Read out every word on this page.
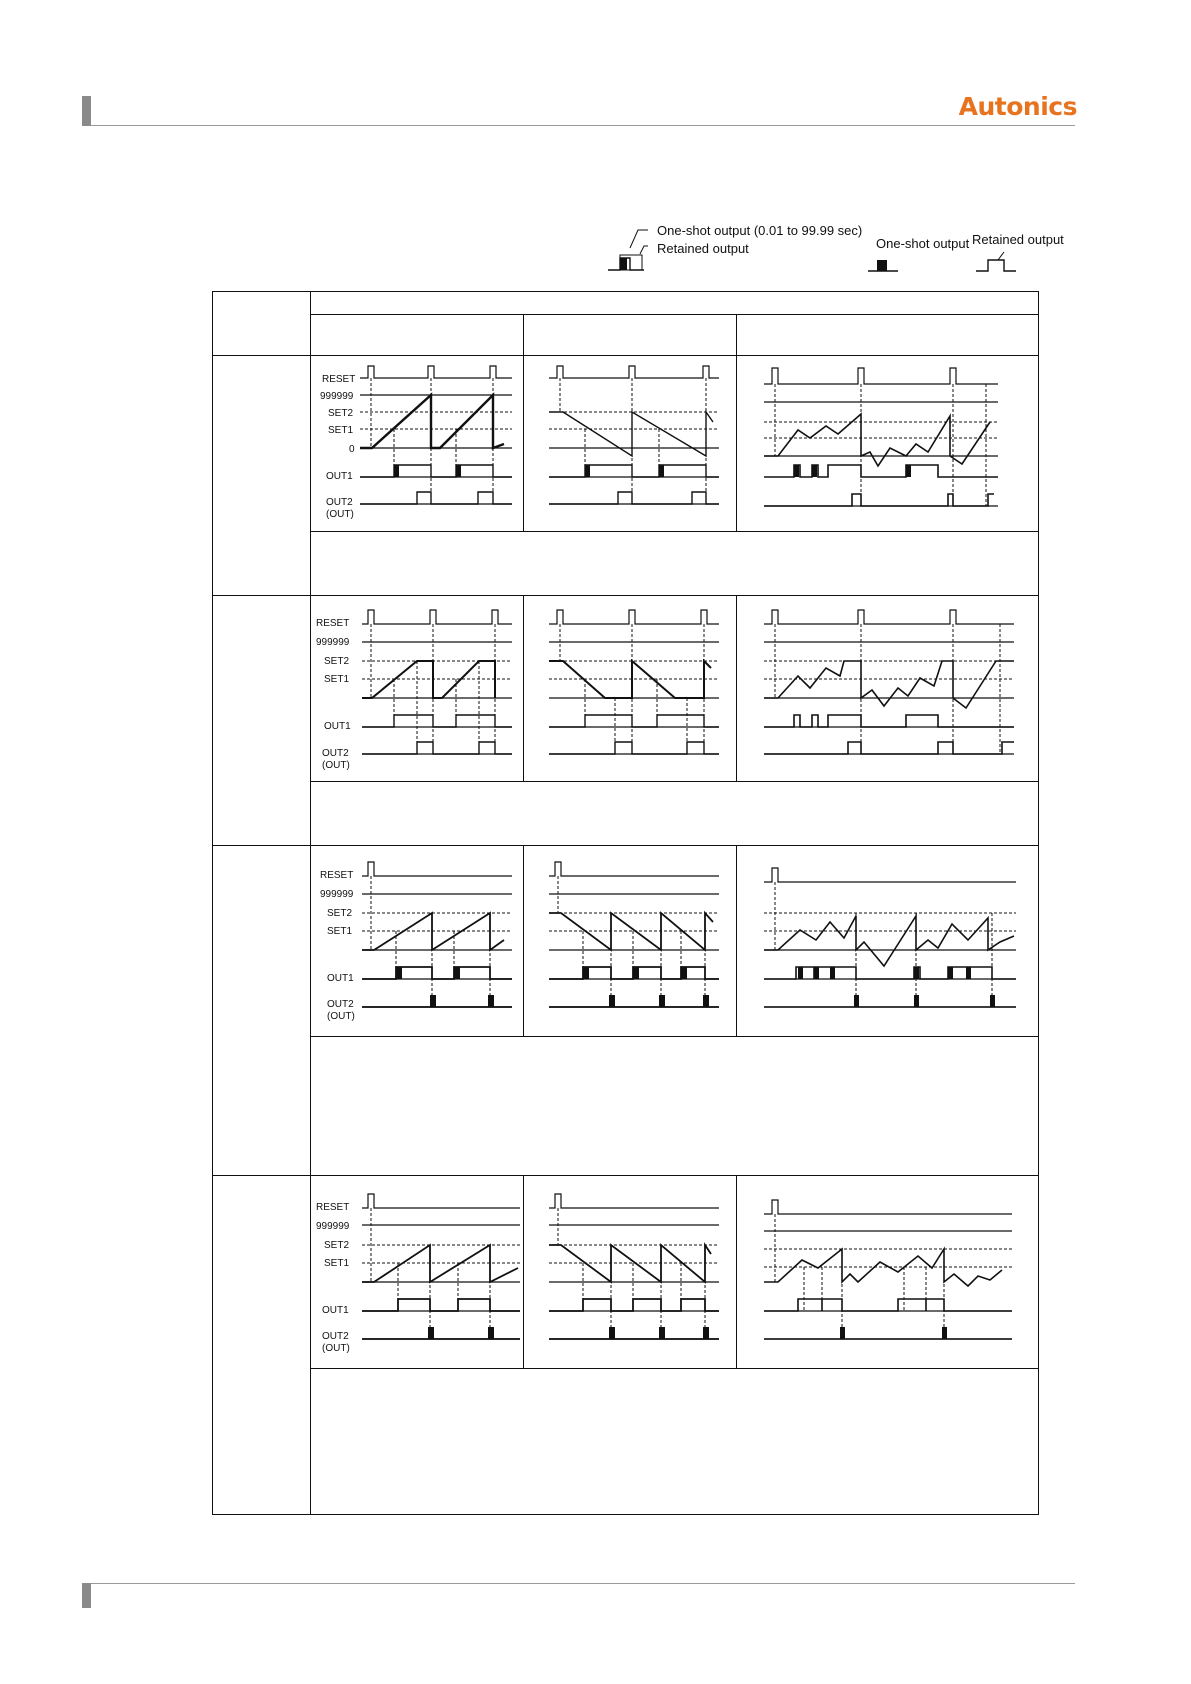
Autonics
One-shot output (0.01 to 99.99 sec)
Retained output	One-shot output Retained output
RESET
999999
SET2
SET1
0
OUT1
OUT2
(OUT)
RESET
999999
SET2
SET1
OUT1
OUT2
(OUT)
RESET
999999
SET2
SET1
OUT1
OUT2
(OUT)
RESET
999999
SET2
SET1
OUT1
OUT2
(OUT)
